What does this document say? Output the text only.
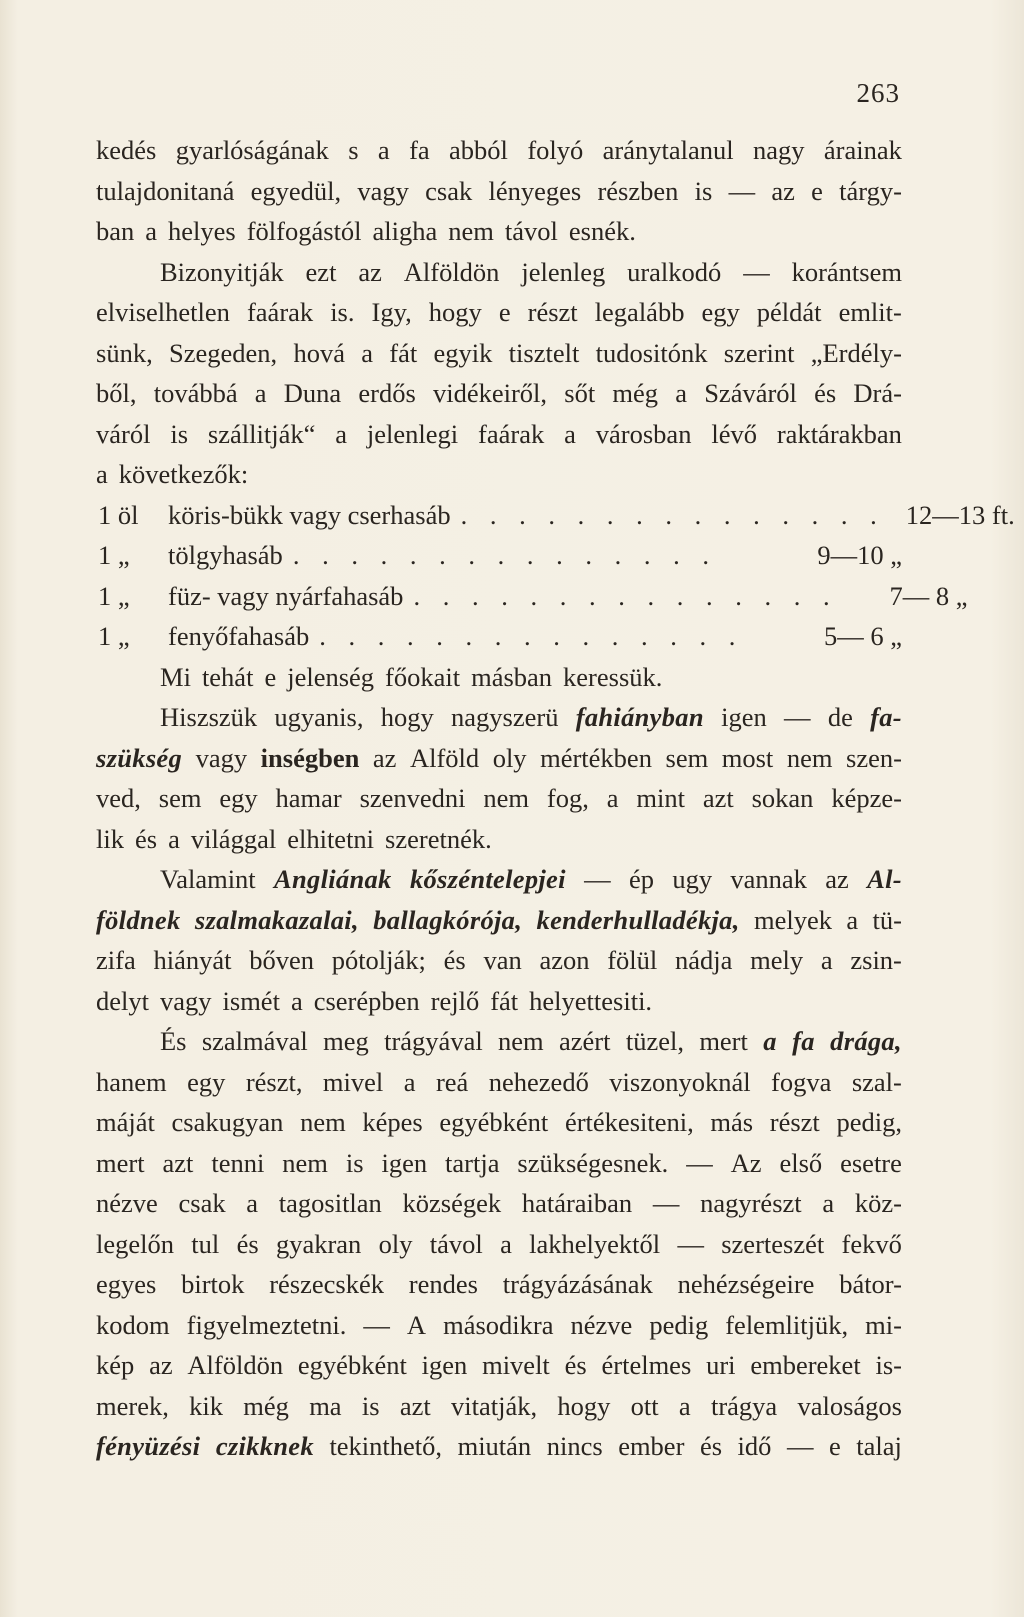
263
kedés gyarlóságának s a fa abból folyó aránytalanul nagy árainak
tulajdonitaná egyedül, vagy csak lényeges részben is — az e tárgy-
ban a helyes fölfogástól aligha nem távol esnék.
Bizonyitják ezt az Alföldön jelenleg uralkodó — korántsem
elviselhetlen faárak is. Igy, hogy e részt legalább egy példát emlit-
sünk, Szegeden, hová a fát egyik tisztelt tudositónk szerint „Erdély-
ből, továbbá a Duna erdős vidékeiről, sőt még a Száváról és Drá-
váról is szállitják“ a jelenlegi faárak a városban lévő raktárakban
a következők:
1 öl	köris-bükk vagy cserhasáb . . . . . . . . . . . . . . . 12—13 ft.
1 „	tölgyhasáb . . . . . . . . . . . . . . .	9—10 „
1 „	füz- vagy nyárfahasáb . . . . . . . . . . . . . . .	7— 8 „
1 „	fenyőfahasáb . . . . . . . . . . . . . . .	5— 6 „
Mi tehát e jelenség főokait másban keressük.
Hiszszük ugyanis, hogy nagyszerü fahiányban igen — de fa-
szükség vagy inségben az Alföld oly mértékben sem most nem szen-
ved, sem egy hamar szenvedni nem fog, a mint azt sokan képze-
lik és a világgal elhitetni szeretnék.
Valamint Angliának kőszéntelepjei — ép ugy vannak az Al-
földnek szalmakazalai, ballagkórója, kenderhulladékja, melyek a tü-
zifa hiányát bőven pótolják; és van azon fölül nádja mely a zsin-
delyt vagy ismét a cserépben rejlő fát helyettesiti.
És szalmával meg trágyával nem azért tüzel, mert a fa drága,
hanem egy részt, mivel a reá nehezedő viszonyoknál fogva szal-
máját csakugyan nem képes egyébként értékesiteni, más részt pedig,
mert azt tenni nem is igen tartja szükségesnek. — Az első esetre
nézve csak a tagositlan községek határaiban — nagyrészt a köz-
legelőn tul és gyakran oly távol a lakhelyektől — szerteszét fekvő
egyes birtok részecskék rendes trágyázásának nehézségeire bátor-
kodom figyelmeztetni. — A másodikra nézve pedig felemlitjük, mi-
kép az Alföldön egyébként igen mivelt és értelmes uri embereket is-
merek, kik még ma is azt vitatják, hogy ott a trágya valoságos
fényüzési czikknek tekinthető, miután nincs ember és idő — e talaj
